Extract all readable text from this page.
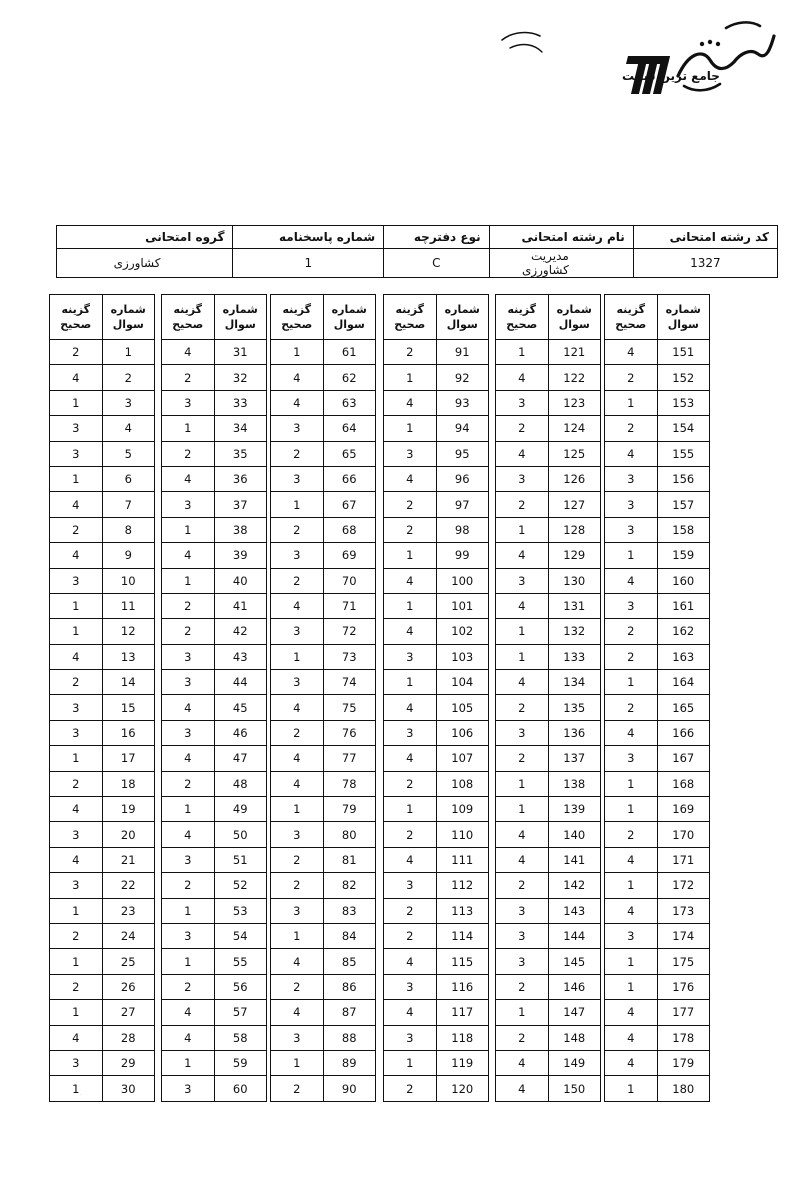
جامع ترین سایت
کد رشته امتحانی	نام رشته امتحانی	نوع دفترچه	شماره پاسخنامه	گروه امتحانی
1327	مدیریت کشاورزی	C	1	کشاورزی
شماره سوال	گزینه صحیح
1	2
2	4
3	1
4	3
5	3
6	1
7	4
8	2
9	4
10	3
11	1
12	1
13	4
14	2
15	3
16	3
17	1
18	2
19	4
20	3
21	4
22	3
23	1
24	2
25	1
26	2
27	1
28	4
29	3
30	1
شماره سوال	گزینه صحیح
31	4
32	2
33	3
34	1
35	2
36	4
37	3
38	1
39	4
40	1
41	2
42	2
43	3
44	3
45	4
46	3
47	4
48	2
49	1
50	4
51	3
52	2
53	1
54	3
55	1
56	2
57	4
58	4
59	1
60	3
شماره سوال	گزینه صحیح
61	1
62	4
63	4
64	3
65	2
66	3
67	1
68	2
69	3
70	2
71	4
72	3
73	1
74	3
75	4
76	2
77	4
78	4
79	1
80	3
81	2
82	2
83	3
84	1
85	4
86	2
87	4
88	3
89	1
90	2
شماره سوال	گزینه صحیح
91	2
92	1
93	4
94	1
95	3
96	4
97	2
98	2
99	1
100	4
101	1
102	4
103	3
104	1
105	4
106	3
107	4
108	2
109	1
110	2
111	4
112	3
113	2
114	2
115	4
116	3
117	4
118	3
119	1
120	2
شماره سوال	گزینه صحیح
121	1
122	4
123	3
124	2
125	4
126	3
127	2
128	1
129	4
130	3
131	4
132	1
133	1
134	4
135	2
136	3
137	2
138	1
139	1
140	4
141	4
142	2
143	3
144	3
145	3
146	2
147	1
148	2
149	4
150	4
شماره سوال	گزینه صحیح
151	4
152	2
153	1
154	2
155	4
156	3
157	3
158	3
159	1
160	4
161	3
162	2
163	2
164	1
165	2
166	4
167	3
168	1
169	1
170	2
171	4
172	1
173	4
174	3
175	1
176	1
177	4
178	4
179	4
180	1
.
